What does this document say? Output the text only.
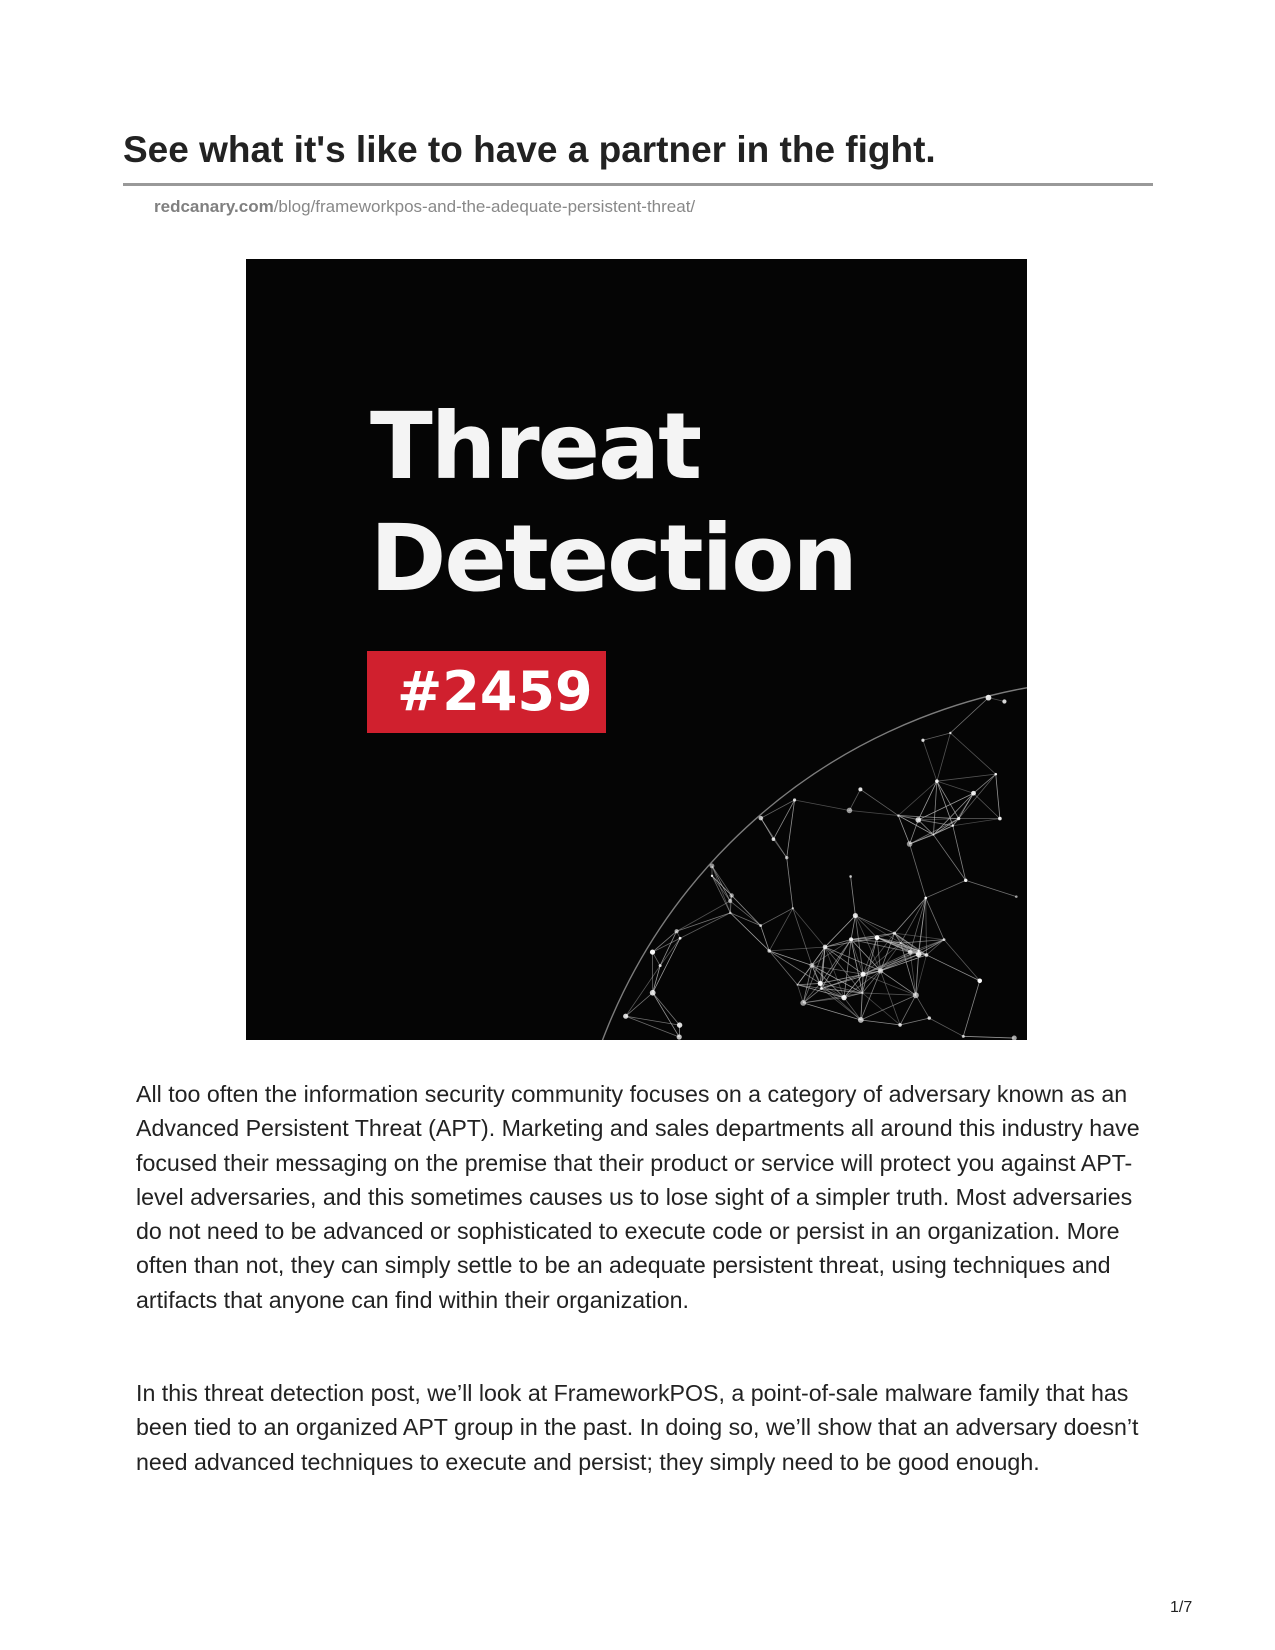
See what it's like to have a partner in the fight.
redcanary.com/blog/frameworkpos-and-the-adequate-persistent-threat/
Threat
Detection
#2459

All too often the information security community focuses on a category of adversary known as an Advanced Persistent Threat (APT). Marketing and sales departments all around this industry have focused their messaging on the premise that their product or service will protect you against APT-level adversaries, and this sometimes causes us to lose sight of a simpler truth. Most adversaries do not need to be advanced or sophisticated to execute code or persist in an organization. More often than not, they can simply settle to be an adequate persistent threat, using techniques and artifacts that anyone can find within their organization.

In this threat detection post, we’ll look at FrameworkPOS, a point-of-sale malware family that has been tied to an organized APT group in the past. In doing so, we’ll show that an adversary doesn’t need advanced techniques to execute and persist; they simply need to be good enough.

1/7
